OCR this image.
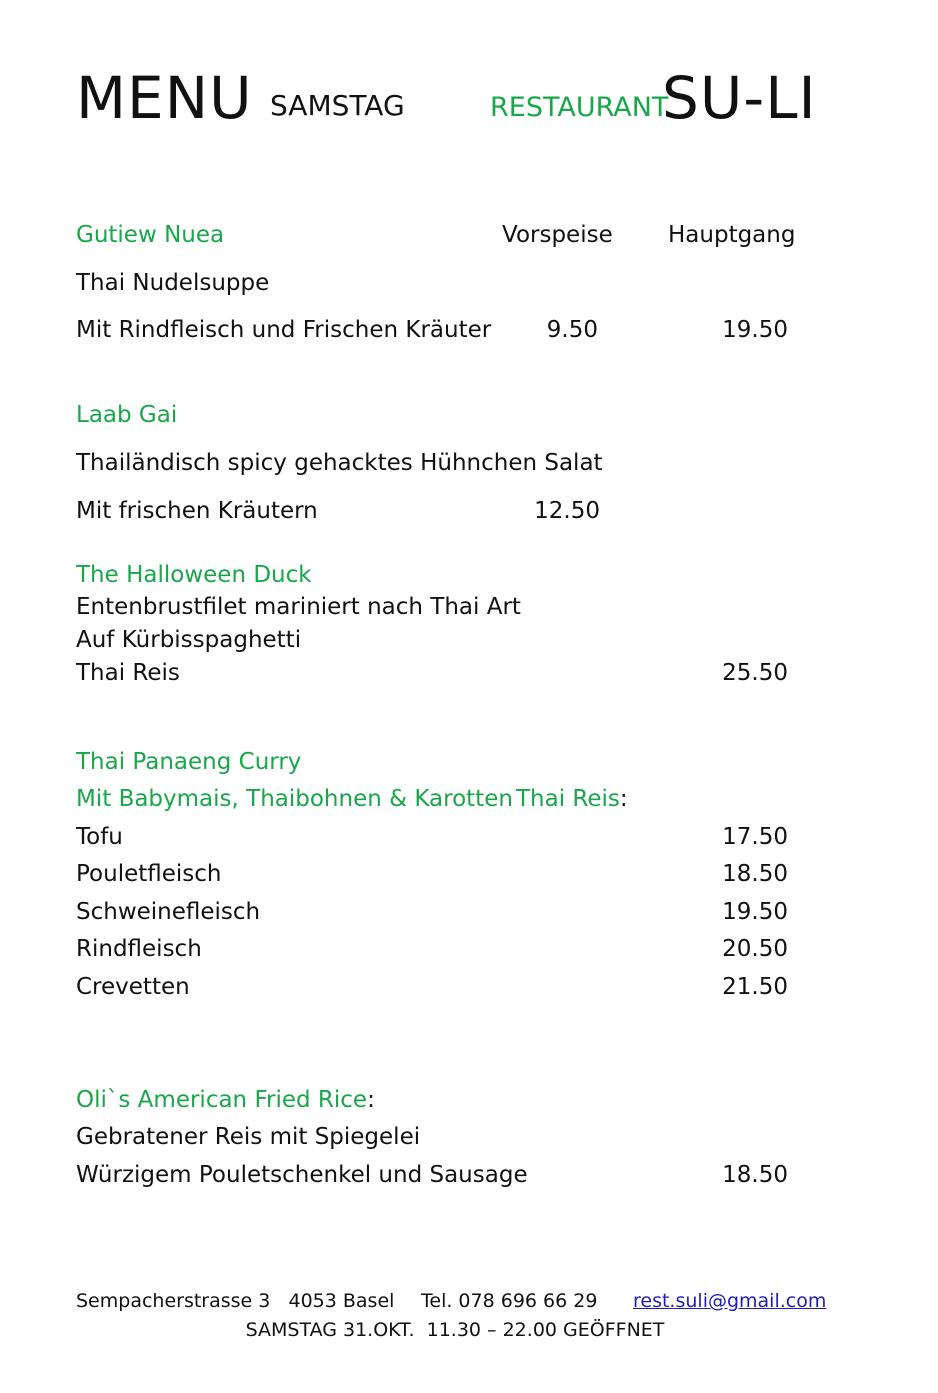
MENU SAMSTAG	RESTAURANT
SU-LI
Gutiew Nuea	Vorspeise Hauptgang
Thai Nudelsuppe
Mit Rindfleisch und Frischen Kräuter	9.50	19.50
Laab Gai
Thailändisch spicy gehacktes Hühnchen Salat
Mit frischen Kräutern	12.50
The Halloween Duck
Entenbrustfilet mariniert nach Thai Art
Auf Kürbisspaghetti
Thai Reis	25.50
Thai Panaeng Curry
Mit Babymais, Thaibohnen & Karotten Thai Reis:
Tofu	17.50
Pouletfleisch	18.50
Schweinefleisch	19.50
Rindfleisch	20.50
Crevetten	21.50
Oli`s American Fried Rice:
Gebratener Reis mit Spiegelei
Würzigem Pouletschenkel und Sausage	18.50
Sempacherstrasse 3   4053 Basel Tel. 078 696 66 29 rest.suli@gmail.com
SAMSTAG 31.OKT.  11.30 – 22.00 GEÖFFNET
